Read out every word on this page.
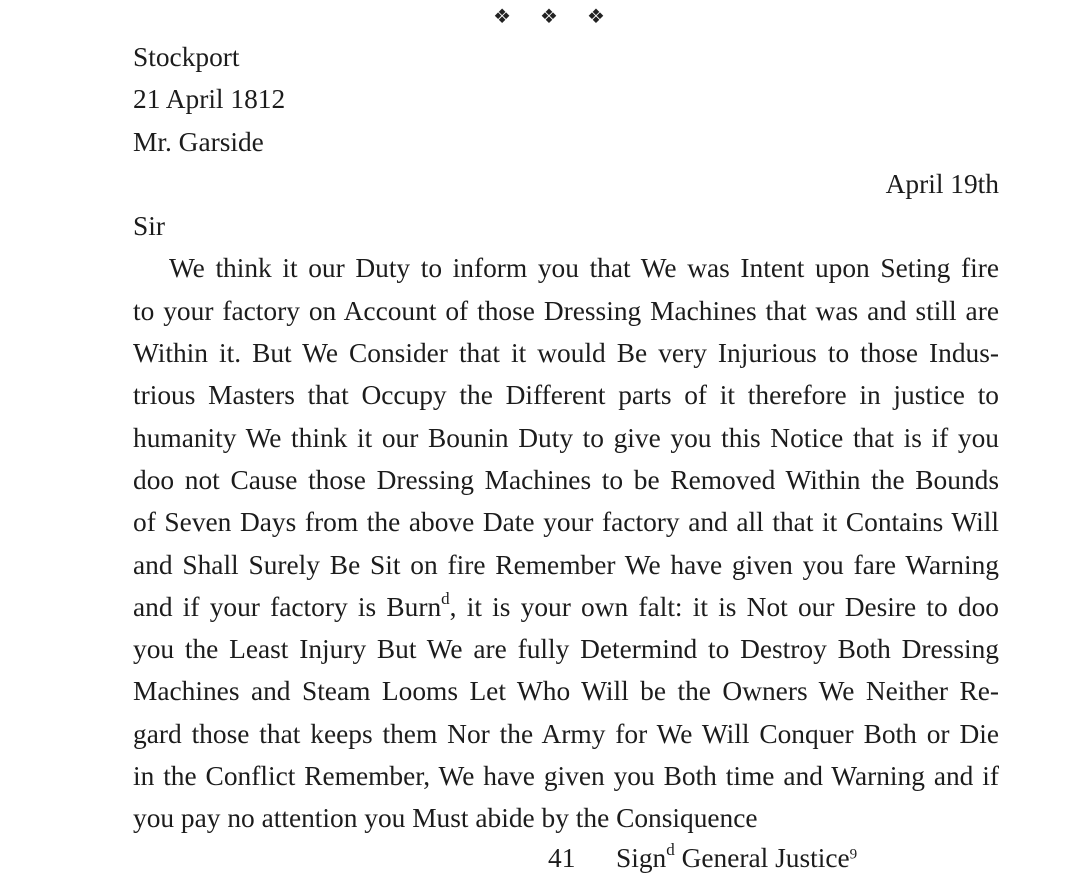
❖ ❖ ❖
Stockport
21 April 1812
Mr. Garside
April 19th
Sir
We think it our Duty to inform you that We was Intent upon Seting fire
to your factory on Account of those Dressing Machines that was and still are
Within it. But We Consider that it would Be very Injurious to those Indus-
trious Masters that Occupy the Different parts of it therefore in justice to
humanity We think it our Bounin Duty to give you this Notice that is if you
doo not Cause those Dressing Machines to be Removed Within the Bounds
of Seven Days from the above Date your factory and all that it Contains Will
and Shall Surely Be Sit on fire Remember We have given you fare Warning
and if your factory is Burn$^d$, it is your own falt: it is Not our Desire to doo
you the Least Injury But We are fully Determind to Destroy Both Dressing
Machines and Steam Looms Let Who Will be the Owners We Neither Re-
gard those that keeps them Nor the Army for We Will Conquer Both or Die
in the Conflict Remember, We have given you Both time and Warning and if
you pay no attention you Must abide by the Consiquence
41 Sign$^d$ General Justice$^9$
